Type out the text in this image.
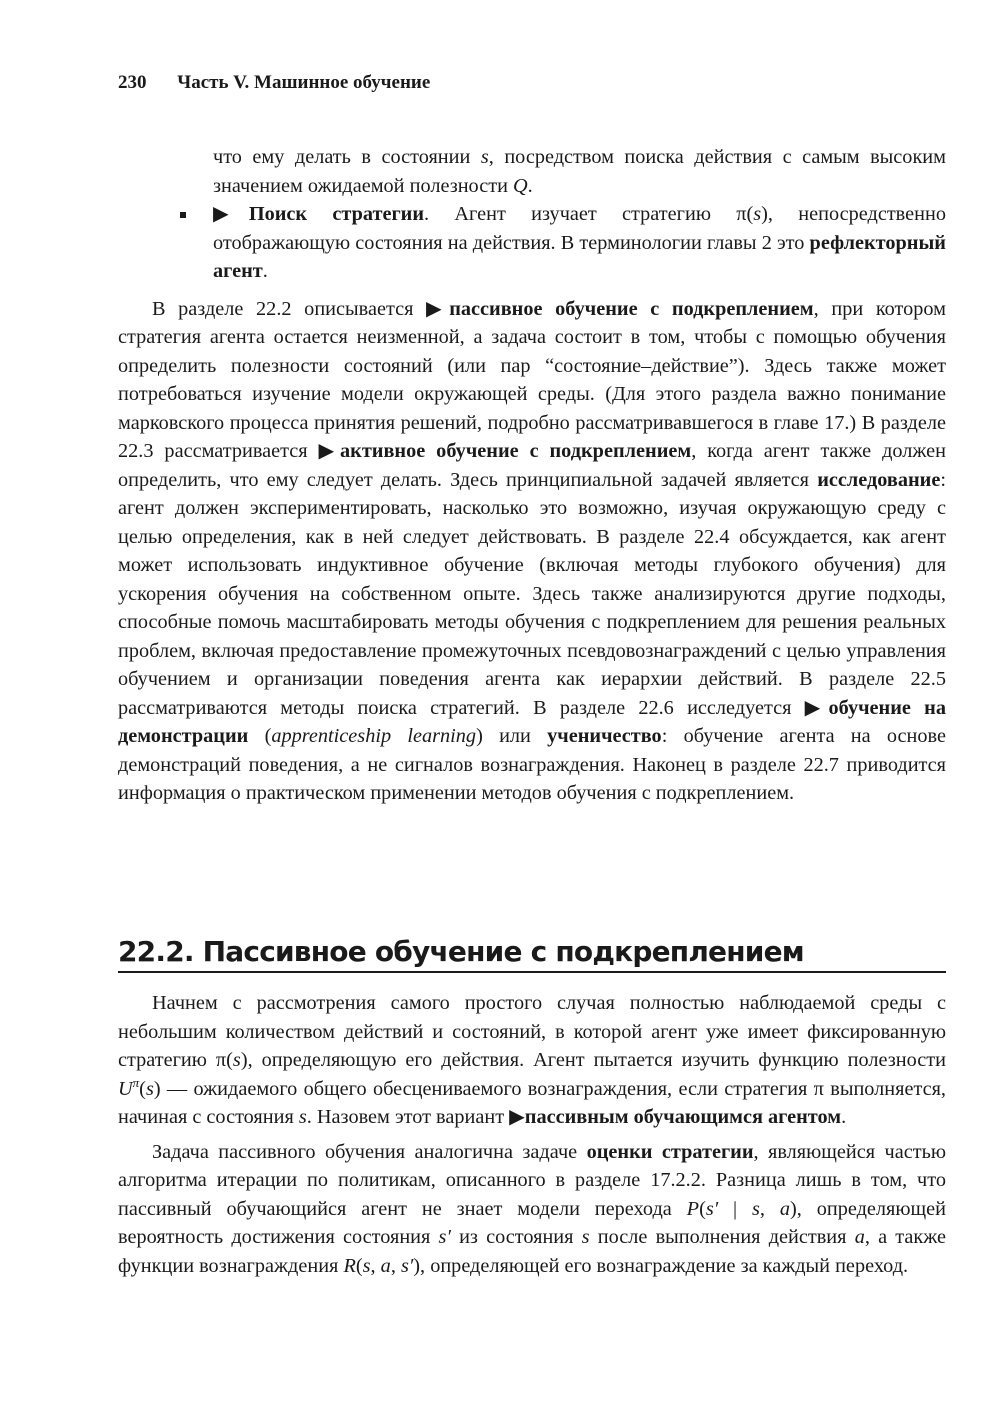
230 Часть V. Машинное обучение

что ему делать в состоянии s, посредством поиска действия с самым высоким значением ожидаемой полезности Q.

▶Поиск стратегии. Агент изучает стратегию π(s), непосредственно отображающую состояния на действия. В терминологии главы 2 это рефлекторный агент.

В разделе 22.2 описывается ▶пассивное обучение с подкреплением, при котором стратегия агента остается неизменной, а задача состоит в том, чтобы с помощью обучения определить полезности состояний (или пар “состояние–действие”). Здесь также может потребоваться изучение модели окружающей среды. (Для этого раздела важно понимание марковского процесса принятия решений, подробно рассматривавшегося в главе 17.) В разделе 22.3 рассматривается ▶активное обучение с подкреплением, когда агент также должен определить, что ему следует делать. Здесь принципиальной задачей является исследование: агент должен экспериментировать, насколько это возможно, изучая окружающую среду с целью определения, как в ней следует действовать. В разделе 22.4 обсуждается, как агент может использовать индуктивное обучение (включая методы глубокого обучения) для ускорения обучения на собственном опыте. Здесь также анализируются другие подходы, способные помочь масштабировать методы обучения с подкреплением для решения реальных проблем, включая предоставление промежуточных псевдовознаграждений с целью управления обучением и организации поведения агента как иерархии действий. В разделе 22.5 рассматриваются методы поиска стратегий. В разделе 22.6 исследуется ▶обучение на демонстрации (apprenticeship learning) или ученичество: обучение агента на основе демонстраций поведения, а не сигналов вознаграждения. Наконец в разделе 22.7 приводится информация о практическом применении методов обучения с подкреплением.

22.2. Пассивное обучение с подкреплением

Начнем с рассмотрения самого простого случая полностью наблюдаемой среды с небольшим количеством действий и состояний, в которой агент уже имеет фиксированную стратегию π(s), определяющую его действия. Агент пытается изучить функцию полезности $U^\pi(s)$ — ожидаемого общего обесцениваемого вознаграждения, если стратегия π выполняется, начиная с состояния s. Назовем этот вариант ▶пассивным обучающимся агентом.

Задача пассивного обучения аналогична задаче оценки стратегии, являющейся частью алгоритма итерации по политикам, описанного в разделе 17.2.2. Разница лишь в том, что пассивный обучающийся агент не знает модели перехода P(s′ | s, a), определяющей вероятность достижения состояния s′ из состояния s после выполнения действия a, а также функции вознаграждения R(s, a, s′), определяющей его вознаграждение за каждый переход.
